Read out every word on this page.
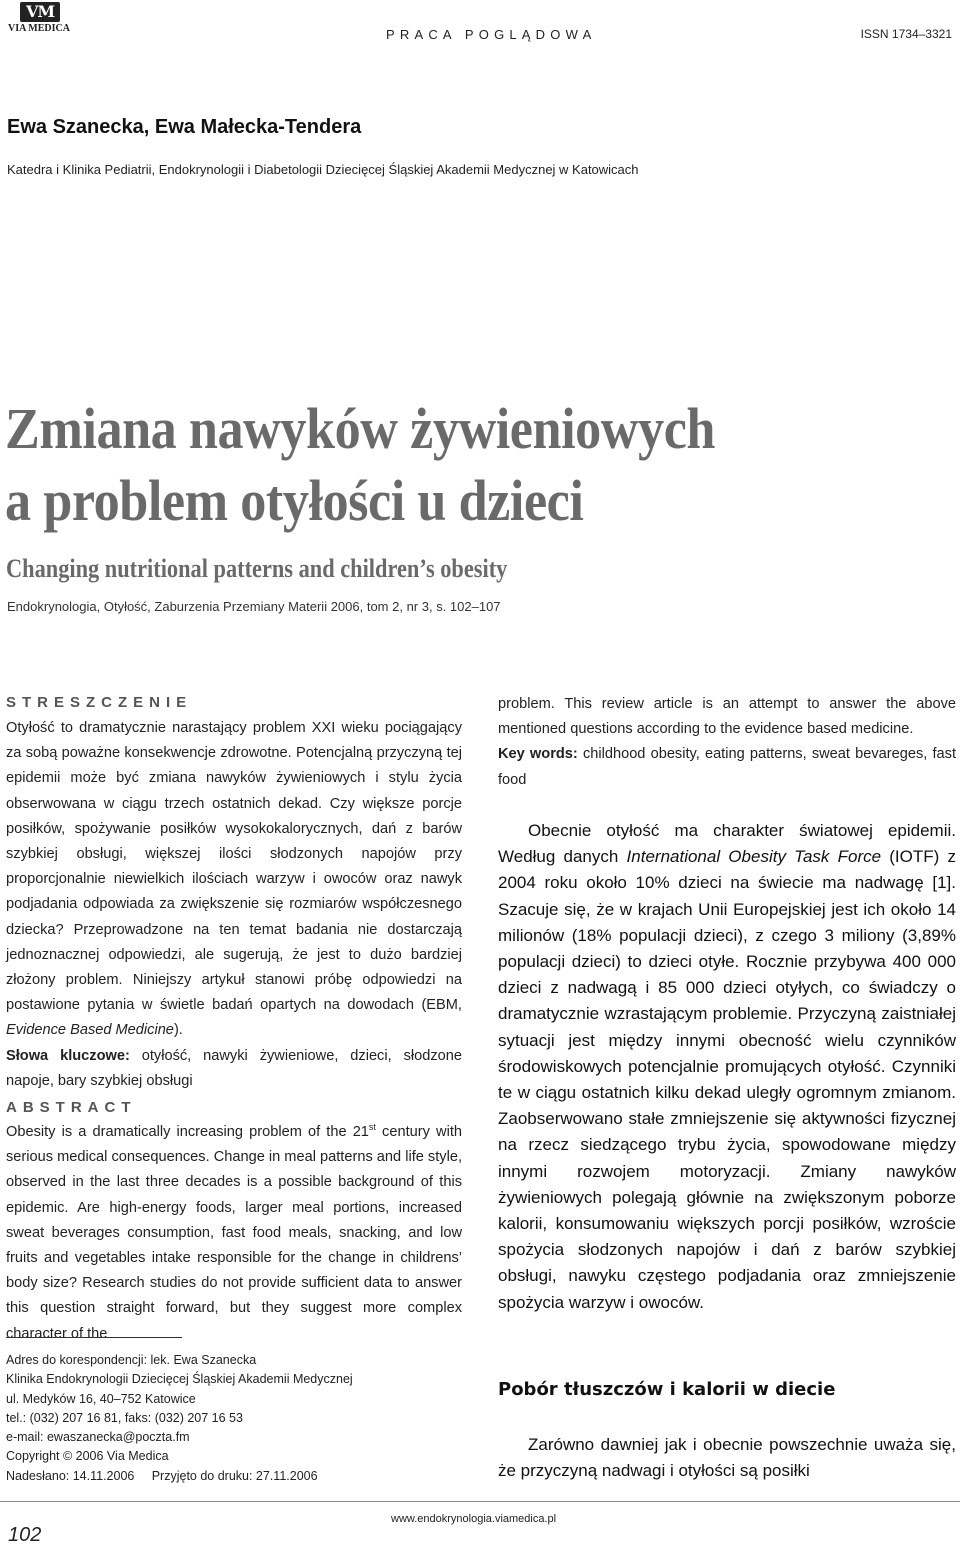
VM
VIA MEDICA	PRACA POGLĄDOWA	ISSN 1734–3321
Ewa Szanecka, Ewa Małecka-Tendera
Katedra i Klinika Pediatrii, Endokrynologii i Diabetologii Dziecięcej Śląskiej Akademii Medycznej w Katowicach
Zmiana nawyków żywieniowych
a problem otyłości u dzieci
Changing nutritional patterns and children’s obesity
Endokrynologia, Otyłość, Zaburzenia Przemiany Materii 2006, tom 2, nr 3, s. 102–107
STRESZCZENIE

Otyłość to dramatycznie narastający problem XXI wieku pociągający za sobą poważne konsekwencje zdrowotne. Potencjalną przyczyną tej epidemii może być zmiana nawyków żywieniowych i stylu życia obserwowana w ciągu trzech ostatnich dekad. Czy większe porcje posiłków, spożywanie posiłków wysokokalorycznych, dań z barów szybkiej obsługi, większej ilości słodzonych napojów przy proporcjonalnie niewielkich ilościach warzyw i owoców oraz nawyk podjadania odpowiada za zwiększenie się rozmiarów współczesnego dziecka? Przeprowadzone na ten temat badania nie dostarczają jednoznacznej odpowiedzi, ale sugerują, że jest to dużo bardziej złożony problem. Niniejszy artykuł stanowi próbę odpowiedzi na postawione pytania w świetle badań opartych na dowodach (EBM, Evidence Based Medicine).

Słowa kluczowe: otyłość, nawyki żywieniowe, dzieci, słodzone napoje, bary szybkiej obsługi

ABSTRACT

Obesity is a dramatically increasing problem of the 21st century with serious medical consequences. Change in meal patterns and life style, observed in the last three decades is a possible background of this epidemic. Are high-energy foods, larger meal portions, increased sweat beverages consumption, fast food meals, snacking, and low fruits and vegetables intake responsible for the change in childrens’ body size? Research studies do not provide sufficient data to answer this question straight forward, but they suggest more complex character of the

problem. This review article is an attempt to answer the above mentioned questions according to the evidence based medicine.

Key words: childhood obesity, eating patterns, sweat bevareges, fast food

Obecnie otyłość ma charakter światowej epidemii. Według danych International Obesity Task Force (IOTF) z 2004 roku około 10% dzieci na świecie ma nadwagę [1]. Szacuje się, że w krajach Unii Europejskiej jest ich około 14 milionów (18% populacji dzieci), z czego 3 miliony (3,89% populacji dzieci) to dzieci otyłe. Rocznie przybywa 400 000 dzieci z nadwagą i 85 000 dzieci otyłych, co świadczy o dramatycznie wzrastającym problemie. Przyczyną zaistniałej sytuacji jest między innymi obecność wielu czynników środowiskowych potencjalnie promujących otyłość. Czynniki te w ciągu ostatnich kilku dekad uległy ogromnym zmianom. Zaobserwowano stałe zmniejszenie się aktywności fizycznej na rzecz siedzącego trybu życia, spowodowane między innymi rozwojem motoryzacji. Zmiany nawyków żywieniowych polegają głównie na zwiększonym poborze kalorii, konsumowaniu większych porcji posiłków, wzroście spożycia słodzonych napojów i dań z barów szybkiej obsługi, nawyku częstego podjadania oraz zmniejszenie spożycia warzyw i owoców.

Pobór tłuszczów i kalorii w diecie

Zarówno dawniej jak i obecnie powszechnie uważa się, że przyczyną nadwagi i otyłości są posiłki

Adres do korespondencji: lek. Ewa Szanecka
Klinika Endokrynologii Dziecięcej Śląskiej Akademii Medycznej
ul. Medyków 16, 40–752 Katowice
tel.: (032) 207 16 81, faks: (032) 207 16 53
e-mail: ewaszanecka@poczta.fm
Copyright © 2006 Via Medica
Nadesłano: 14.11.2006     Przyjęto do druku: 27.11.2006
www.endokrynologia.viamedica.pl
102
